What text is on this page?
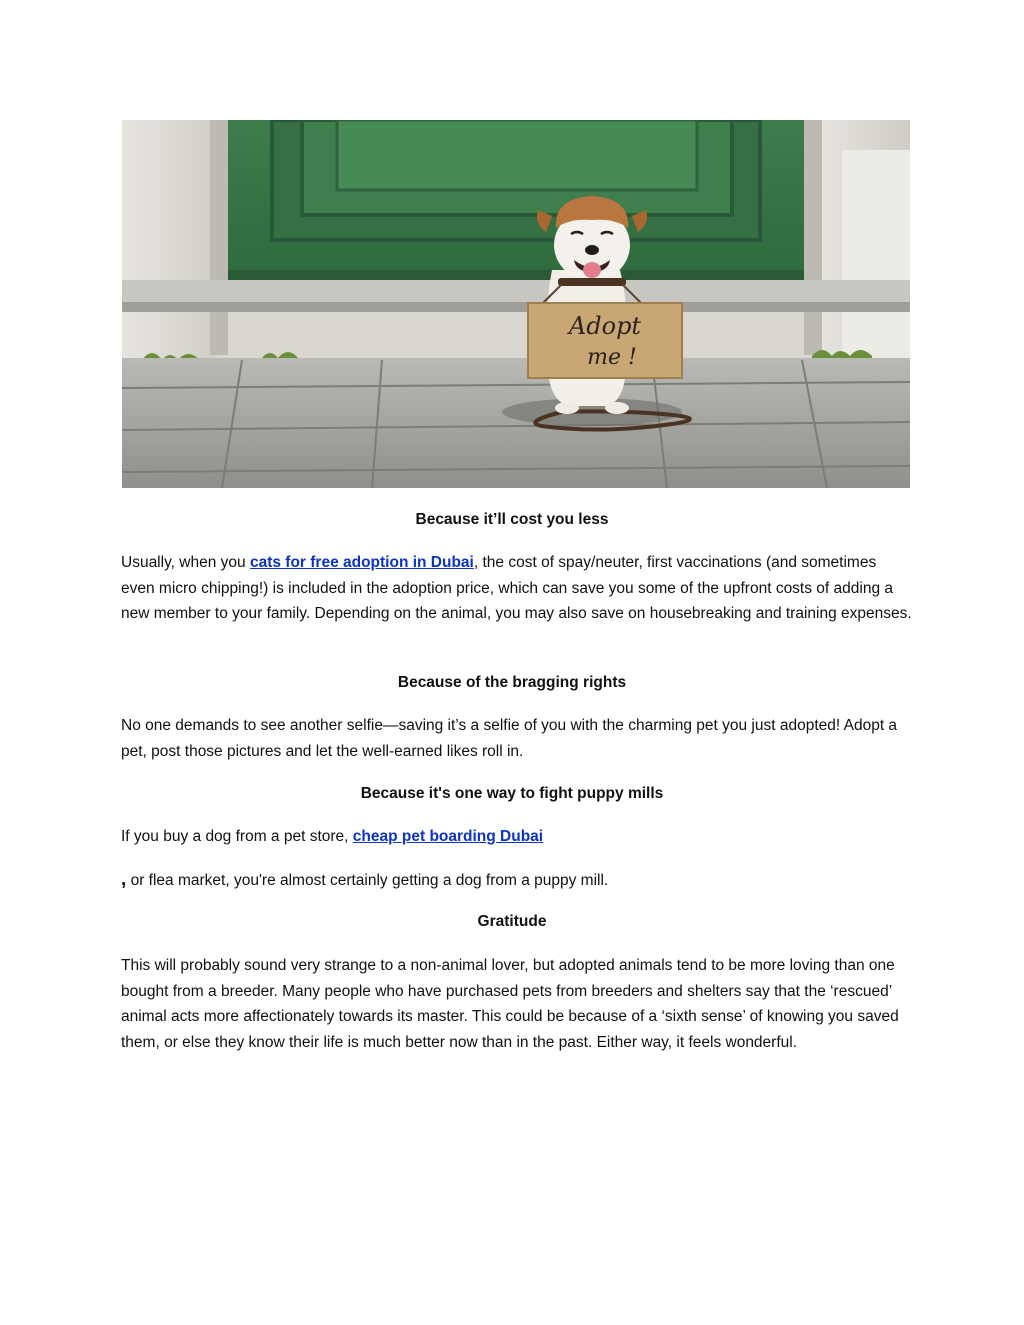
Adopt
me !

Because it’ll cost you less

Usually, when you cats for free adoption in Dubai, the cost of spay/neuter, first vaccinations (and sometimes even micro chipping!) is included in the adoption price, which can save you some of the upfront costs of adding a new member to your family. Depending on the animal, you may also save on housebreaking and training expenses.

Because of the bragging rights

No one demands to see another selfie—saving it’s a selfie of you with the charming pet you just adopted! Adopt a pet, post those pictures and let the well-earned likes roll in.

Because it's one way to fight puppy mills

If you buy a dog from a pet store, cheap pet boarding Dubai

, or flea market, you're almost certainly getting a dog from a puppy mill.

Gratitude

This will probably sound very strange to a non-animal lover, but adopted animals tend to be more loving than one bought from a breeder. Many people who have purchased pets from breeders and shelters say that the ‘rescued’ animal acts more affectionately towards its master. This could be because of a ‘sixth sense’ of knowing you saved them, or else they know their life is much better now than in the past. Either way, it feels wonderful.
